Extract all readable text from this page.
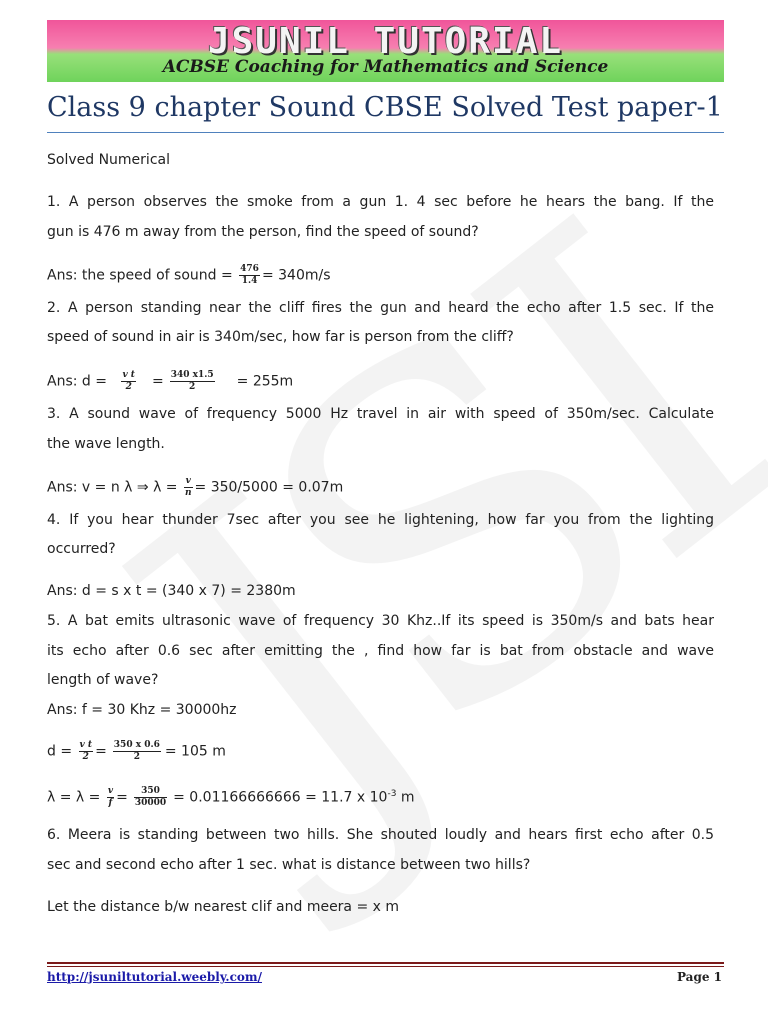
JSUNIL TUTORIAL
ACBSE Coaching for Mathematics and Science
Class 9 chapter Sound CBSE Solved Test paper-1
Solved Numerical
1. A person observes the smoke from a gun 1. 4 sec before he hears the bang. If the
gun is 476 m away from the person, find the speed of sound?
Ans: the speed of sound = $\frac{476}{1.4} = 340m/s$
2. A person standing near the cliff fires the gun and heard the echo after 1.5 sec. If the
speed of sound in air is 340m/sec, how far is person from the cliff?
Ans: $d = \frac{\text{v t}}{2} = \frac{340 x1.5}{2} = 255m$
3. A sound wave of frequency 5000 Hz travel in air with speed of 350m/sec. Calculate
the wave length.
Ans: v = n λ ⇒ $\lambda = \frac{v}{n} = 350/5000 = 0.07m$
4. If you hear thunder 7sec after you see he lightening, how far you from the lighting
occurred?
Ans: d = s x t = (340 x 7) = 2380m
5. A bat emits ultrasonic wave of frequency 30 Khz..If its speed is 350m/s and bats hear
its echo after 0.6 sec after emitting the , find how far is bat from obstacle and wave
length of wave?
Ans: f = 30 Khz = 30000hz
$d = \frac{\text{v t}}{2} = \frac{350 x 0.6}{2} = 105$ m
$\lambda = \lambda = \frac{v}{f} = \frac{350}{30000} = 0.01166666666 = 11.7$ x $10^{-3}$ m
6. Meera is standing between two hills. She shouted loudly and hears first echo after 0.5
sec and second echo after 1 sec. what is distance between two hills?
Let the distance b/w nearest clif and meera = x m
http://jsuniltutorial.weebly.com/	Page 1
